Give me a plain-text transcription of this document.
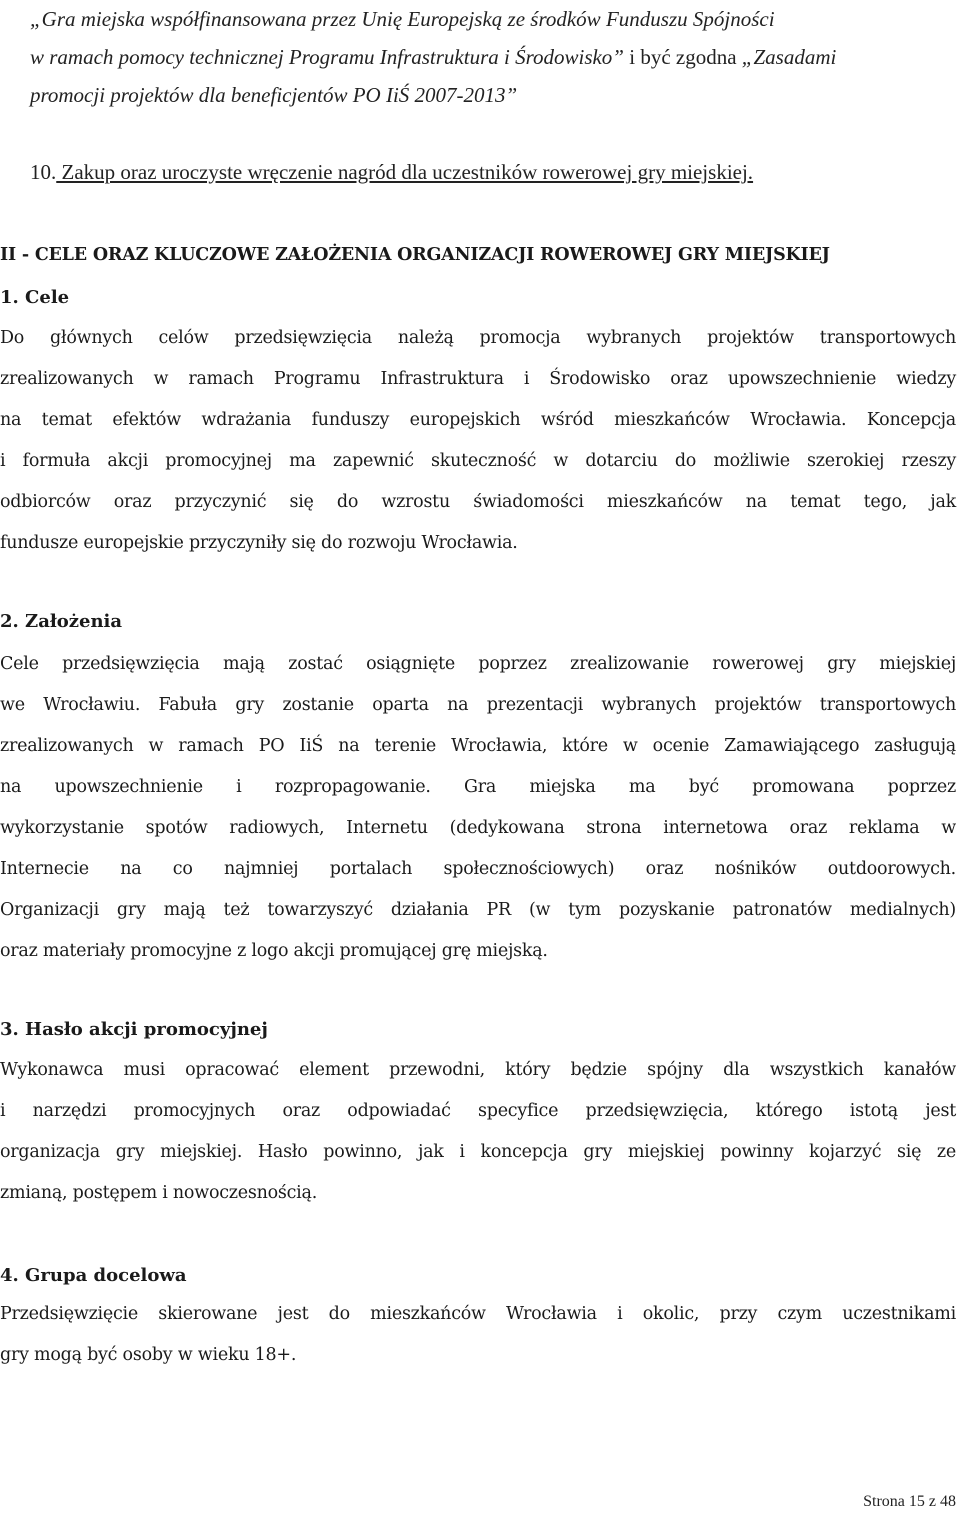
„Gra miejska współfinansowana przez Unię Europejską ze środków Funduszu Spójności
w ramach pomocy technicznej Programu Infrastruktura i Środowisko” i być zgodna „Zasadami
promocji projektów dla beneficjentów PO IiŚ 2007-2013”
10. Zakup oraz uroczyste wręczenie nagród dla uczestników rowerowej gry miejskiej.
II - CELE ORAZ KLUCZOWE ZAŁOŻENIA ORGANIZACJI ROWEROWEJ GRY MIEJSKIEJ
1. Cele
Do głównych celów przedsięwzięcia należą promocja wybranych projektów transportowych
zrealizowanych w ramach Programu Infrastruktura i Środowisko oraz upowszechnienie wiedzy
na temat efektów wdrażania funduszy europejskich wśród mieszkańców Wrocławia. Koncepcja
i formuła akcji promocyjnej ma zapewnić skuteczność w dotarciu do możliwie szerokiej rzeszy
odbiorców oraz przyczynić się do wzrostu świadomości mieszkańców na temat tego, jak
fundusze europejskie przyczyniły się do rozwoju Wrocławia.
2. Założenia
Cele przedsięwzięcia mają zostać osiągnięte poprzez zrealizowanie rowerowej gry miejskiej
we Wrocławiu. Fabuła gry zostanie oparta na prezentacji wybranych projektów transportowych
zrealizowanych w ramach PO IiŚ na terenie Wrocławia, które w ocenie Zamawiającego zasługują
na upowszechnienie i rozpropagowanie. Gra miejska ma być promowana poprzez
wykorzystanie spotów radiowych, Internetu (dedykowana strona internetowa oraz reklama w
Internecie na co najmniej portalach społecznościowych) oraz nośników outdoorowych.
Organizacji gry mają też towarzyszyć działania PR (w tym pozyskanie patronatów medialnych)
oraz materiały promocyjne z logo akcji promującej grę miejską.
3. Hasło akcji promocyjnej
Wykonawca musi opracować element przewodni, który będzie spójny dla wszystkich kanałów
i narzędzi promocyjnych oraz odpowiadać specyfice przedsięwzięcia, którego istotą jest
organizacja gry miejskiej. Hasło powinno, jak i koncepcja gry miejskiej powinny kojarzyć się ze
zmianą, postępem i nowoczesnością.
4. Grupa docelowa
Przedsięwzięcie skierowane jest do mieszkańców Wrocławia i okolic, przy czym uczestnikami
gry mogą być osoby w wieku 18+.
Strona 15 z 48
